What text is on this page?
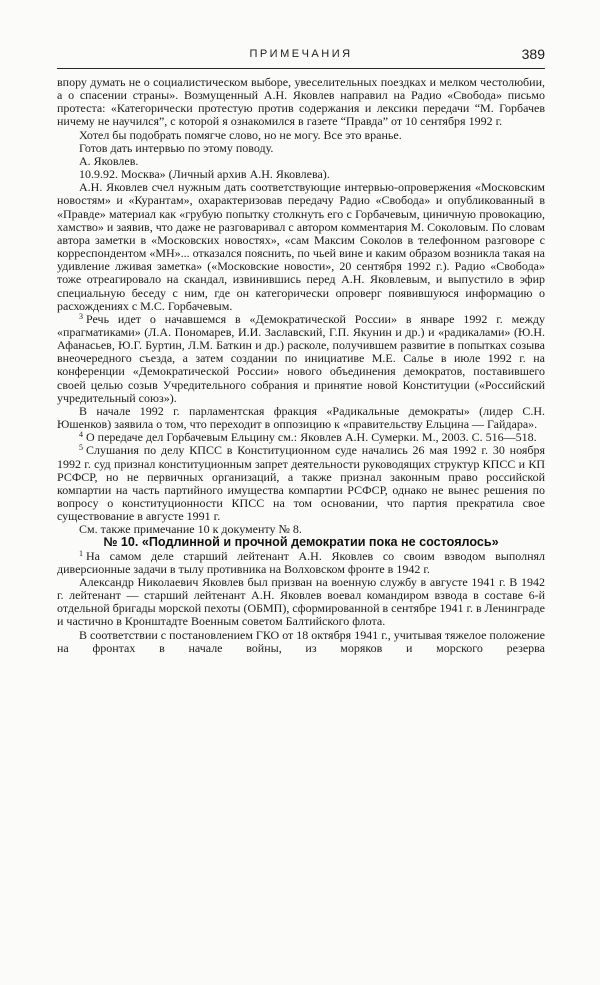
ПРИМЕЧАНИЯ	389

впору думать не о социалистическом выборе, увеселительных поездках и мелком честолюбии, а о спасении страны». Возмущенный А.Н. Яковлев направил на Радио «Свобода» письмо протеста: «Категорически протестую против содержания и лексики передачи “М. Горбачев ничему не научился”, с которой я ознакомился в газете “Правда” от 10 сентября 1992 г.

Хотел бы подобрать помягче слово, но не могу. Все это вранье.

Готов дать интервью по этому поводу.

А. Яковлев.

10.9.92. Москва» (Личный архив А.Н. Яковлева).

А.Н. Яковлев счел нужным дать соответствующие интервью-опровержения «Московским новостям» и «Курантам», охарактеризовав передачу Радио «Свобода» и опубликованный в «Правде» материал как «грубую попытку столкнуть его с Горбачевым, циничную провокацию, хамство» и заявив, что даже не разговаривал с автором комментария М. Соколовым. По словам автора заметки в «Московских новостях», «сам Максим Соколов в телефонном разговоре с корреспондентом «МН»... отказался пояснить, по чьей вине и каким образом возникла такая на удивление лживая заметка» («Московские новости», 20 сентября 1992 г.). Радио «Свобода» тоже отреагировало на скандал, извинившись перед А.Н. Яковлевым, и выпустило в эфир специальную беседу с ним, где он категорически опроверг появившуюся информацию о расхождениях с М.С. Горбачевым.

$^3$ Речь идет о начавшемся в «Демократической России» в январе 1992 г. между «прагматиками» (Л.А. Пономарев, И.И. Заславский, Г.П. Якунин и др.) и «радикалами» (Ю.Н. Афанасьев, Ю.Г. Буртин, Л.М. Баткин и др.) расколе, получившем развитие в попытках созыва внеочередного съезда, а затем создании по инициативе М.Е. Салье в июле 1992 г. на конференции «Демократической России» нового объединения демократов, поставившего своей целью созыв Учредительного собрания и принятие новой Конституции («Российский учредительный союз»).

В начале 1992 г. парламентская фракция «Радикальные демократы» (лидер С.Н. Юшенков) заявила о том, что переходит в оппозицию к «правительству Ельцина — Гайдара».

$^4$ О передаче дел Горбачевым Ельцину см.: Яковлев А.Н. Сумерки. М., 2003. С. 516—518.

$^5$ Слушания по делу КПСС в Конституционном суде начались 26 мая 1992 г. 30 ноября 1992 г. суд признал конституционным запрет деятельности руководящих структур КПСС и КП РСФСР, но не первичных организаций, а также признал законным право российской компартии на часть партийного имущества компартии РСФСР, однако не вынес решения по вопросу о конституционности КПСС на том основании, что партия прекратила свое существование в августе 1991 г.

См. также примечание 10 к документу № 8.

№ 10. «Подлинной и прочной демократии пока не состоялось»

$^1$ На самом деле старший лейтенант А.Н. Яковлев со своим взводом выполнял диверсионные задачи в тылу противника на Волховском фронте в 1942 г.

Александр Николаевич Яковлев был призван на военную службу в августе 1941 г. В 1942 г. лейтенант — старший лейтенант А.Н. Яковлев воевал командиром взвода в составе 6-й отдельной бригады морской пехоты (ОБМП), сформированной в сентябре 1941 г. в Ленинграде и частично в Кронштадте Военным советом Балтийского флота.

В соответствии с постановлением ГКО от 18 октября 1941 г., учитывая тяжелое положение на фронтах в начале войны, из моряков и морского резерва
